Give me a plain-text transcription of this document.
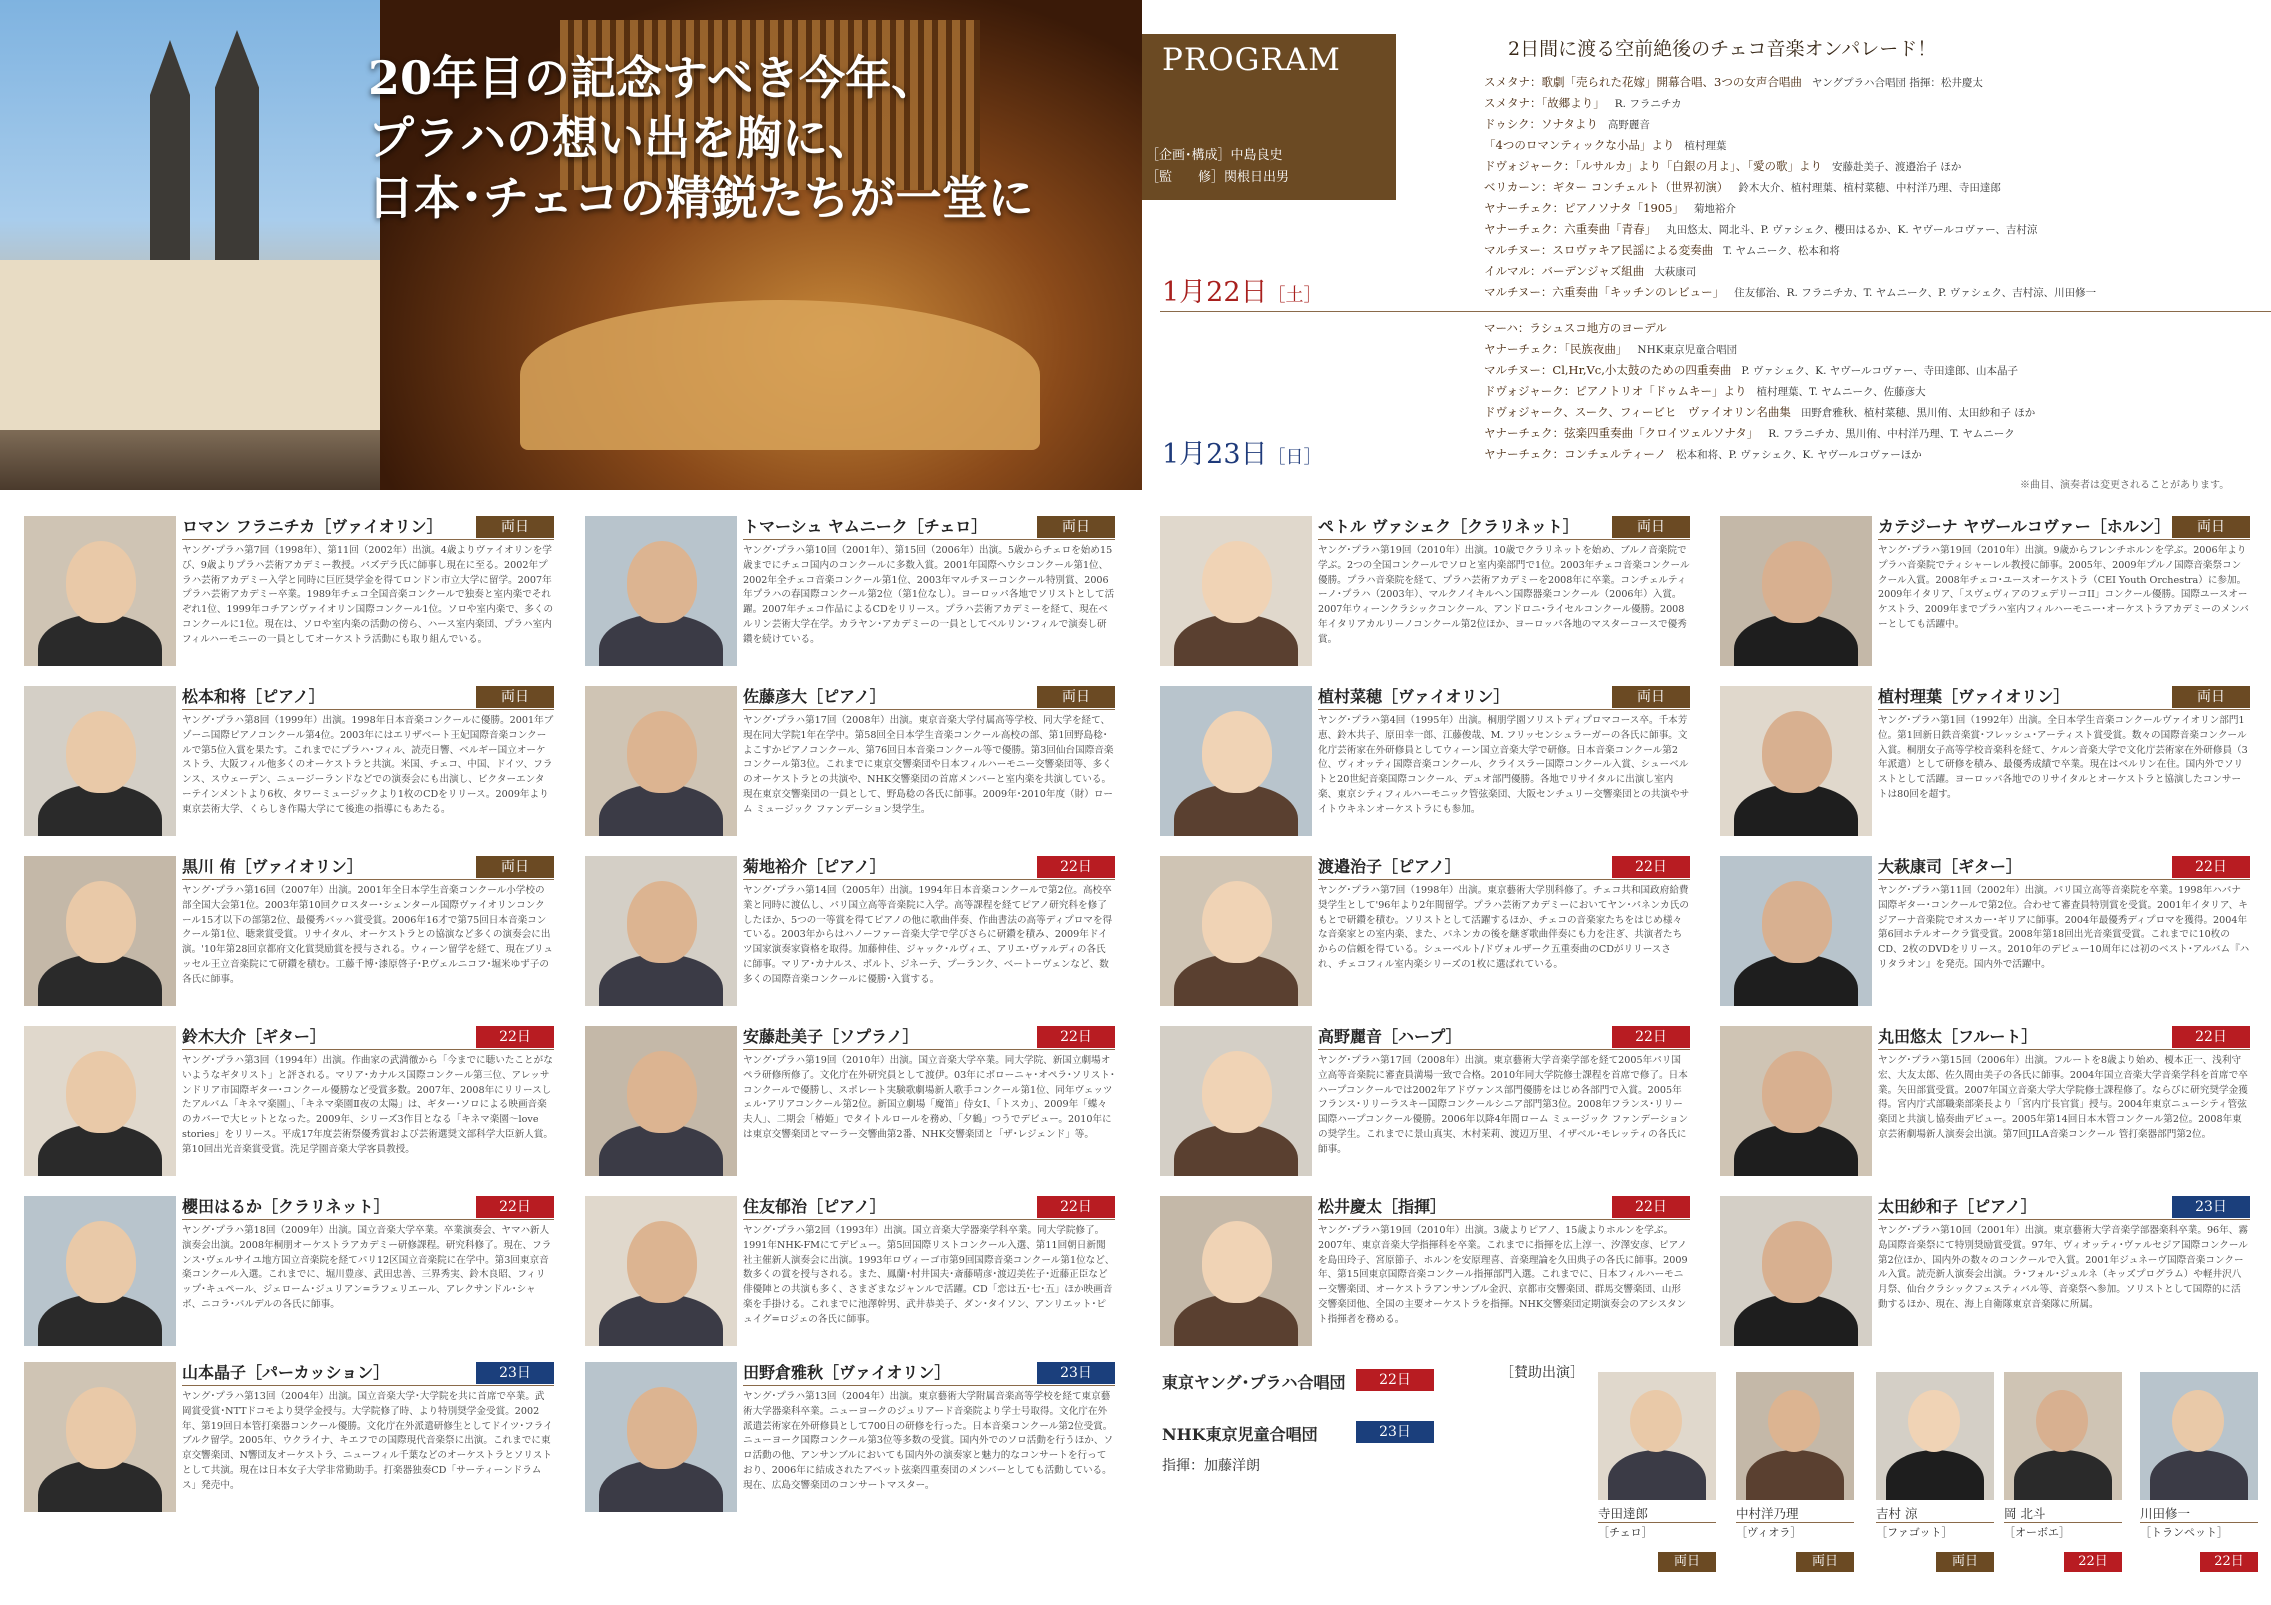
20年目の記念すべき今年、
プラハの想い出を胸に、
日本･チェコの精鋭たちが一堂に
PROGRAM
［企画･構成］中島良史
［監　　修］関根日出男
2日間に渡る空前絶後のチェコ音楽オンパレード！
スメタナ：歌劇「売られた花嫁」開幕合唱、3つの女声合唱曲 ヤングプラハ合唱団 指揮：松井慶太
スメタナ：「故郷より」 R. フラニチカ
ドゥシク：ソナタより 高野麗音
「4つのロマンティックな小品」より 植村理葉
ドヴォジャーク：「ルサルカ」より「白銀の月よ」、「愛の歌」より 安藤赴美子、渡邉治子 ほか
ベリカーン：ギター コンチェルト（世界初演） 鈴木大介、植村理葉、植村菜穂、中村洋乃理、寺田達郎
ヤナーチェク：ピアノソナタ「1905」 菊地裕介
ヤナーチェク：六重奏曲「青春」 丸田悠太、岡北斗、P. ヴァシェク、櫻田はるか、K. ヤヴールコヴァー、吉村涼
マルチヌー：スロヴァキア民謡による変奏曲 T. ヤムニーク、松本和将
イルマル：バーデンジャズ組曲 大萩康司
マルチヌー：六重奏曲「キッチンのレビュー」 住友郁治、R. フラニチカ、T. ヤムニーク、P. ヴァシェク、吉村涼、川田修一
1月22日［土］
マーハ：ラシュスコ地方のヨーデル
ヤナーチェク：「民族夜曲」 NHK東京児童合唱団
マルチヌー：Cl,Hr,Vc,小太鼓のための四重奏曲 P. ヴァシェク、K. ヤヴールコヴァー、寺田達郎、山本晶子
ドヴォジャーク：ピアノトリオ「ドゥムキー」より 植村理葉、T. ヤムニーク、佐藤彦大
ドヴォジャーク、スーク、フィービヒ　ヴァイオリン名曲集 田野倉雅秋、植村菜穂、黒川侑、太田紗和子 ほか
ヤナーチェク：弦楽四重奏曲「クロイツェルソナタ」 R. フラニチカ、黒川侑、中村洋乃理、T. ヤムニーク
ヤナーチェク：コンチェルティーノ 松本和将、P. ヴァシェク、K. ヤヴールコヴァーほか
1月23日［日］
※曲目、演奏者は変更されることがあります。
ロマン フラニチカ［ヴァイオリン］	両日
ヤング･プラハ第7回（1998年）、第11回（2002年）出演。4歳よりヴァイオリンを学び、9歳よりプラハ芸術アカデミー教授。パズデラ氏に師事し現在に至る。2002年プラハ芸術アカデミー入学と同時に巨匠奨学金を得てロンドン市立大学に留学。2007年プラハ芸術アカデミー卒業。1989年チェコ全国音楽コンクールで独奏と室内楽でそれぞれ1位、1999年コチアンヴァイオリン国際コンクール1位。ソロや室内楽で、多くのコンクールに1位。現在は、ソロや室内楽の活動の傍ら、ハース室内楽団、プラハ室内フィルハーモニーの一員としてオーケストラ活動にも取り組んでいる。
トマーシュ ヤムニーク［チェロ］	両日
ヤング･プラハ第10回（2001年）、第15回（2006年）出演。5歳からチェロを始め15歳までにチェコ国内のコンクールに多数入賞。2001年国際ヘウシコンクール第1位、2002年全チェコ音楽コンクール第1位、2003年マルチヌーコンクール特別賞、2006年プラハの春国際コンクール第2位（第1位なし）。ヨーロッパ各地でソリストとして活躍。2007年チェコ作品によるCDをリリース。プラハ芸術アカデミーを経て、現在ベルリン芸術大学在学。カラヤン･アカデミーの一員としてベルリン･フィルで演奏し研鑽を続けている。
ペトル ヴァシェク［クラリネット］	両日
ヤング･プラハ第19回（2010年）出演。10歳でクラリネットを始め、ブルノ音楽院で学ぶ。2つの全国コンクールでソロと室内楽部門で1位。2003年チェコ音楽コンクール優勝。プラハ音楽院を経て、プラハ芸術アカデミーを2008年に卒業。コンチェルティーノ･プラハ（2003年）、マルクノイキルヘン国際器楽コンクール（2006年）入賞。2007年ウィーンクラシックコンクール、アンドロニ･ライセルコンクール優勝。2008年イタリアカルリーノコンクール第2位ほか、ヨーロッパ各地のマスターコースで優秀賞。
カテジーナ ヤヴールコヴァー［ホルン］	両日
ヤング･プラハ第19回（2010年）出演。9歳からフレンチホルンを学ぶ。2006年よりプラハ音楽院でティシャーレル教授に師事。2005年、2009年プルノ国際音楽祭コンクール入賞。2008年チェコ･ユースオーケストラ（CEI Youth Orchestra）に参加。2009年イタリア、「スヴェヴィアのフェデリーコII」コンクール優勝。国際ユースオーケストラ、2009年までプラハ室内フィルハーモニー･オーケストラアカデミーのメンバーとしても活躍中。
松本和将［ピアノ］	両日
ヤング･プラハ第8回（1999年）出演。1998年日本音楽コンクールに優勝。2001年ブゾーニ国際ピアノコンクール第4位。2003年にはエリザベート王妃国際音楽コンクールで第5位入賞を果たす。これまでにプラハ･フィル、読売日響、ベルギー国立オーケストラ、大阪フィル他多くのオーケストラと共演。米国、チェコ、中国、ドイツ、フランス、スウェーデン、ニュージーランドなどでの演奏会にも出演し、ビクターエンターテインメントより6枚、タワーミュージックより1枚のCDをリリース。2009年より東京芸術大学、くらしき作陽大学にて後進の指導にもあたる。
佐藤彦大［ピアノ］	両日
ヤング･プラハ第17回（2008年）出演。東京音楽大学付属高等学校、同大学を経て、現在同大学院1年在学中。第58回全日本学生音楽コンクール高校の部、第1回野島稔･よこすかピアノコンクール、第76回日本音楽コンクール等で優勝。第3回仙台国際音楽コンクール第3位。これまでに東京交響楽団や日本フィルハーモニー交響楽団等、多くのオーケストラとの共演や、NHK交響楽団の首席メンバーと室内楽を共演している。現在東京交響楽団の一員として、野島稔の各氏に師事。2009年･2010年度（財）ローム ミュージック ファンデーション奨学生。
植村菜穂［ヴァイオリン］	両日
ヤング･プラハ第4回（1995年）出演。桐朋学園ソリストディプロマコース卒。千本芳恵、鈴木共子、原田幸一郎、江藤俊哉、M. フリッセンシュラーガーの各氏に師事。文化庁芸術家在外研修員としてウィーン国立音楽大学で研修。日本音楽コンクール第2位、ヴィオッティ国際音楽コンクール、クライスラー国際コンクール入賞、シューベルトと20世紀音楽国際コンクール、デュオ部門優勝。各地でリサイタルに出演し室内楽、東京シティフィルハーモニック管弦楽団、大阪センチュリー交響楽団との共演やサイトウキネンオーケストラにも参加。
植村理葉［ヴァイオリン］	両日
ヤング･プラハ第1回（1992年）出演。全日本学生音楽コンクールヴァイオリン部門1位。第1回新日鉄音楽賞･フレッシュ･アーティスト賞受賞。数々の国際音楽コンクール入賞。桐朋女子高等学校音楽科を経て、ケルン音楽大学で文化庁芸術家在外研修員（3年派遣）として研修を積み、最優秀成績で卒業。現在はベルリン在住。国内外でソリストとして活躍。ヨーロッパ各地でのリサイタルとオーケストラと協演したコンサートは80回を超す。
黒川 侑［ヴァイオリン］	両日
ヤング･プラハ第16回（2007年）出演。2001年全日本学生音楽コンクール小学校の部全国大会第1位。2003年第10回クロスター･シェンタール国際ヴァイオリンコンクール15才以下の部第2位、最優秀バッハ賞受賞。2006年16才で第75回日本音楽コンクール第1位、聴衆賞受賞。リサイタル、オーケストラとの協演など多くの演奏会に出演。'10年第28回京都府文化賞奨励賞を授与される。ウィーン留学を経て、現在ブリュッセル王立音楽院にて研鑽を積む。工藤千博･漆原啓子･P.ヴェルニコフ･堀米ゆず子の各氏に師事。
菊地裕介［ピアノ］	22日
ヤング･プラハ第14回（2005年）出演。1994年日本音楽コンクールで第2位。高校卒業と同時に渡仏し、パリ国立高等音楽院に入学。高等課程を経てピアノ研究科を修了したほか、5つの一等賞を得てピアノの他に歌曲伴奏、作曲書法の高等ディプロマを得ている。2003年からはハノーファー音楽大学で学びさらに研鑽を積み、2009年ドイツ国家演奏家資格を取得。加藤伸佳、ジャック･ルヴィエ、アリエ･ヴァルディの各氏に師事。マリア･カナルス、ボルト、ジネーテ、プーランク、ベートーヴェンなど、数多くの国際音楽コンクールに優勝･入賞する。
渡邉治子［ピアノ］	22日
ヤング･プラハ第7回（1998年）出演。東京藝術大学別科修了。チェコ共和国政府給費奨学生として'96年より2年間留学。プラハ芸術アカデミーにおいてヤン･パネンカ氏のもとで研鑽を積む。ソリストとして活躍するほか、チェコの音楽家たちをはじめ様々な音楽家との室内楽、また、パネンカの後を継ぎ歌曲伴奏にも力を注ぎ、共演者たちからの信頼を得ている。シューベルト/ドヴォルザーク五重奏曲のCDがリリースされ、チェコフィル室内楽シリーズの1枚に選ばれている。
大萩康司［ギター］	22日
ヤング･プラハ第11回（2002年）出演。パリ国立高等音楽院を卒業。1998年ハバナ国際ギター･コンクールで第2位。合わせて審査員特別賞を受賞。2001年イタリア、キジアーナ音楽院でオスカー･ギリアに師事。2004年最優秀ディプロマを獲得。2004年第6回ホテルオークラ賞受賞。2008年第18回出光音楽賞受賞。これまでに10枚のCD、2枚のDVDをリリース。2010年のデビュー10周年には初のベスト･アルバム『ハリタラオン』を発売。国内外で活躍中。
鈴木大介［ギター］	22日
ヤング･プラハ第3回（1994年）出演。作曲家の武満徹から「今までに聴いたことがないようなギタリスト」と評される。マリア･カナルス国際コンクール第三位、アレッサンドリア市国際ギター･コンクール優勝など受賞多数。2007年、2008年にリリースしたアルバム「キネマ楽園」、「キネマ楽園Ⅱ夜の太陽」は、ギター･ソロによる映画音楽のカバーで大ヒットとなった。2009年、シリーズ3作目となる「キネマ楽園～love stories」をリリース。平成17年度芸術祭優秀賞および芸術選奨文部科学大臣新人賞。第10回出光音楽賞受賞。洗足学園音楽大学客員教授。
安藤赴美子［ソプラノ］	22日
ヤング･プラハ第19回（2010年）出演。国立音楽大学卒業。同大学院、新国立劇場オペラ研修所修了。文化庁在外研究員として渡伊。03年にボローニャ･オペラ･ソリスト･コンクールで優勝し、スポレート実験歌劇場新人歌手コンクール第1位、同年ヴェッツェル･アリアコンクール第2位。新国立劇場「魔笛」侍女I、「トスカ」、2009年「蝶々夫人」、二期会「椿姫」でタイトルロールを務め、「夕鶴」つうでデビュー。2010年には東京交響楽団とマーラー交響曲第2番、NHK交響楽団と「ザ･レジェンド」等。
高野麗音［ハープ］	22日
ヤング･プラハ第17回（2008年）出演。東京藝術大学音楽学部を経て2005年パリ国立高等音楽院に審査員満場一致で合格。2010年同大学院修士課程を首席で修了。日本ハープコンクールでは2002年アドヴァンス部門優勝をはじめ各部門で入賞。2005年フランス･リリーラスキー国際コンクールシニア部門第3位。2008年フランス･リリー国際ハープコンクール優勝。2006年以降4年間ローム ミュージック ファンデーションの奨学生。これまでに景山真実、木村茉莉、渡辺万里、イザベル･モレッティの各氏に師事。
丸田悠太［フルート］	22日
ヤング･プラハ第15回（2006年）出演。フルートを8歳より始め、榎本正一、浅利守宏、大友太郎、佐久間由美子の各氏に師事。2004年国立音楽大学音楽学科を首席で卒業。矢田部賞受賞。2007年国立音楽大学大学院修士課程修了。ならびに研究奨学金獲得。宮内庁式部職楽部楽長より「宮内庁長官賞」授与。2004年東京ニューシティ管弦楽団と共演し協奏曲デビュー。2005年第14回日本木管コンクール第2位。2008年東京芸術劇場新人演奏会出演。第7回JILA音楽コンクール 管打楽器部門第2位。
櫻田はるか［クラリネット］	22日
ヤング･プラハ第18回（2009年）出演。国立音楽大学卒業。卒業演奏会、ヤマハ新人演奏会出演。2008年桐朋オーケストラアカデミー研修課程。研究科修了。現在、フランス･ヴェルサイユ地方国立音楽院を経てパリ12区国立音楽院に在学中。第3回東京音楽コンクール入選。これまでに、堀川豊彦、武田忠善、三界秀実、鈴木良昭、フィリップ･キュペール、ジェローム･ジュリアン=ラフェリエール、アレクサンドル･シャボ、ニコラ･バルデルの各氏に師事。
住友郁治［ピアノ］	22日
ヤング･プラハ第2回（1993年）出演。国立音楽大学器楽学科卒業。同大学院修了。1991年NHK-FMにてデビュー。第5回国際リストコンクール入選、第11回朝日新聞社主催新人演奏会に出演。1993年ロヴィーゴ市第9回国際音楽コンクール第1位など、数多くの賞を授与される。また、鳳蘭･村井国夫･斎藤晴彦･渡辺美佐子･近藤正臣など俳優陣との共演も多く、さまざまなジャンルで活躍。CD「恋は五･七･五」ほか映画音楽を手掛ける。これまでに池澤幹男、武井恭美子、ダン･タイソン、アンリエット･ピュイグ=ロジェの各氏に師事。
松井慶太［指揮］	22日
ヤング･プラハ第19回（2010年）出演。3歳よりピアノ、15歳よりホルンを学ぶ。2007年、東京音楽大学指揮科を卒業。これまでに指揮を広上淳一、汐澤安彦、ピアノを島田玲子、宮原節子、ホルンを安原理喜、音楽理論を久田典子の各氏に師事。2009年、第15回東京国際音楽コンクール指揮部門入選。これまでに、日本フィルハーモニー交響楽団、オーケストラアンサンブル金沢、京都市交響楽団、群馬交響楽団、山形交響楽団他、全国の主要オーケストラを指揮。NHK交響楽団定期演奏会のアシスタント指揮者を務める。
太田紗和子［ピアノ］	23日
ヤング･プラハ第10回（2001年）出演。東京藝術大学音楽学部器楽科卒業。96年、霧島国際音楽祭にて特別奨励賞受賞。97年、ヴィオッティ･ヴァルセジア国際コンクール第2位ほか、国内外の数々のコンクールで入賞。2001年ジュネーヴ国際音楽コンクール入賞。読売新人演奏会出演。ラ･フォル･ジュルネ（キッズプログラム）や軽井沢八月祭、仙台クラシックフェスティバル等、音楽祭へ参加。ソリストとして国際的に活動するほか、現在、海上自衛隊東京音楽隊に所属。
山本晶子［パーカッション］	23日
ヤング･プラハ第13回（2004年）出演。国立音楽大学･大学院を共に首席で卒業。武岡賞受賞･NTTドコモより奨学金授与。大学院修了時、より特別奨学金受賞。2002年、第19回日本管打楽器コンクール優勝。文化庁在外派遣研修生としてドイツ･フライブルク留学。2005年、ウクライナ、キエフでの国際現代音楽祭に出演。これまでに東京交響楽団、N響団友オーケストラ、ニューフィル千葉などのオーケストラとソリストとして共演。現在は日本女子大学非常勤助手。打楽器独奏CD「サーティーンドラムス」発売中。
田野倉雅秋［ヴァイオリン］	23日
ヤング･プラハ第13回（2004年）出演。東京藝術大学附属音楽高等学校を経て東京藝術大学器楽科卒業。ニューヨークのジュリアード音楽院より学士号取得。文化庁在外派遣芸術家在外研修員として700日の研修を行った。日本音楽コンクール第2位受賞。ニューヨーク国際コンクール第3位等多数の受賞。国内外でのソロ活動を行うほか、ソロ活動の他、アンサンブルにおいても国内外の演奏家と魅力的なコンサートを行っており、2006年に結成されたアベット弦楽四重奏団のメンバーとしても活動している。現在、広島交響楽団のコンサートマスター。
東京ヤング･プラハ合唱団	22日
NHK東京児童合唱団	23日
指揮：加藤洋朗
［賛助出演］
寺田達郎
［チェロ］
両日
中村洋乃理
［ヴィオラ］
両日
吉村 涼
［ファゴット］
両日
岡 北斗
［オーボエ］
22日
川田修一
［トランペット］
22日
